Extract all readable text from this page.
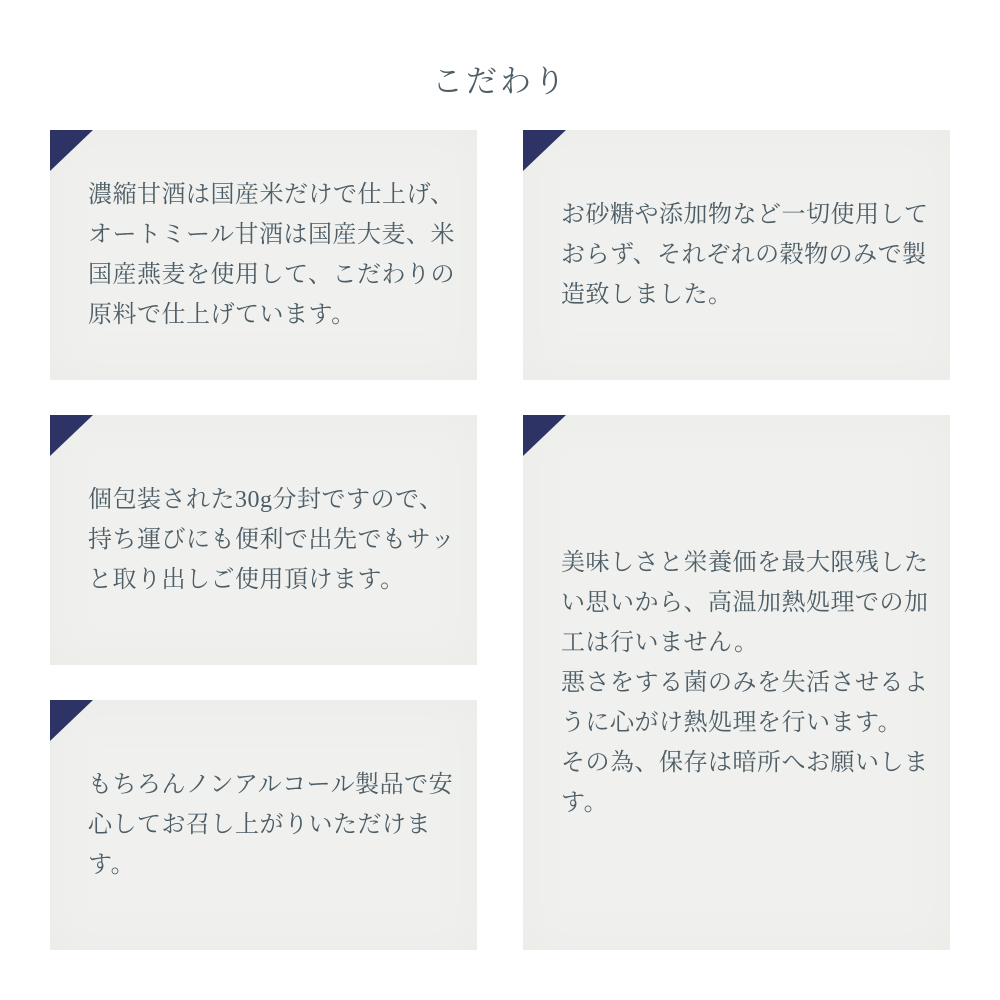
こだわり
濃縮甘酒は国産米だけで仕上げ、オートミール甘酒は国産大麦、米国産燕麦を使用して、こだわりの原料で仕上げています。
お砂糖や添加物など一切使用しておらず、それぞれの穀物のみで製造致しました。
個包装された30g分封ですので、持ち運びにも便利で出先でもサッと取り出しご使用頂けます。
もちろんノンアルコール製品で安心してお召し上がりいただけます。

美味しさと栄養価を最大限残したい思いから、高温加熱処理での加工は行いません。

悪さをする菌のみを失活させるように心がけ熱処理を行います。

その為、保存は暗所へお願いします。
